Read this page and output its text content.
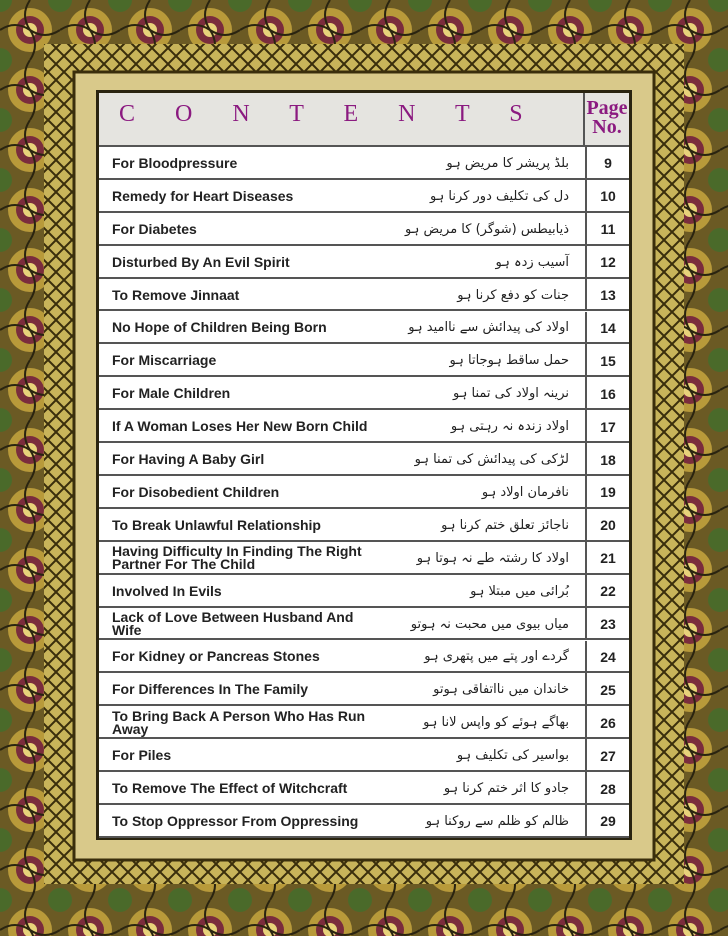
C O N T E N T S Page
No.
For Bloodpressure	بلڈ پریشر کا مریض ہو	9
Remedy for Heart Diseases	دل کی تکلیف دور کرنا ہو	10
For Diabetes	ذیابیطس (شوگر) کا مریض ہو	11
Disturbed By An Evil Spirit	آسیب زدہ ہو	12
To Remove Jinnaat	جنات کو دفع کرنا ہو	13
No Hope of Children Being Born	اولاد کی پیدائش سے ناامید ہو	14
For Miscarriage	حمل ساقط ہوجاتا ہو	15
For Male Children	نرینہ اولاد کی تمنا ہو	16
If A Woman Loses Her New Born Child	اولاد زندہ نہ رہتی ہو	17
For Having A Baby Girl	لڑکی کی پیدائش کی تمنا ہو	18
For Disobedient Children	نافرمان اولاد ہو	19
To Break Unlawful Relationship	ناجائز تعلق ختم کرنا ہو	20
Having Difficulty In Finding The Right Partner For The Child	اولاد کا رشتہ طے نہ ہوتا ہو	21
Involved In Evils	بُرائی میں مبتلا ہو	22
Lack of Love Between Husband And Wife	میاں بیوی میں محبت نہ ہوتو	23
For Kidney or Pancreas Stones	گردے اور پتے میں پتھری ہو	24
For Differences In The Family	خاندان میں نااتفاقی ہوتو	25
To Bring Back A Person Who Has Run Away	بھاگے ہوئے کو واپس لانا ہو	26
For Piles	بواسیر کی تکلیف ہو	27
To Remove The Effect of Witchcraft	جادو کا اثر ختم کرنا ہو	28
To Stop Oppressor From Oppressing	ظالم کو ظلم سے روکنا ہو	29
